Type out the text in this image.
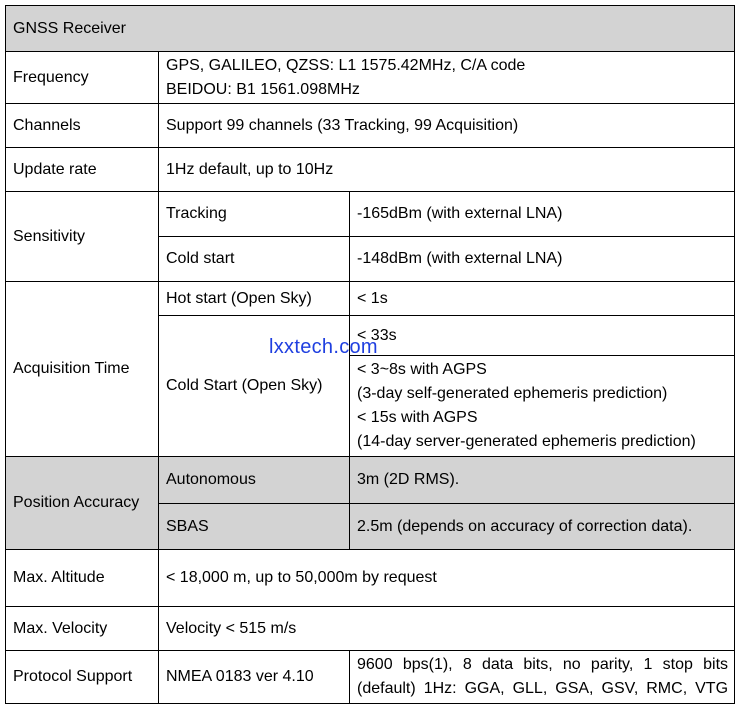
GNSS Receiver		
Frequency	GPS, GALILEO, QZSS: L1 1575.42MHz, C/A code
BEIDOU: B1 1561.098MHz	

Channels	Support 99 channels (33 Tracking, 99 Acquisition)	
Update rate	1Hz default, up to 10Hz	
Sensitivity	Tracking	-165dBm (with external LNA)
	Cold start	-148dBm (with external LNA)
Acquisition Time	Hot start (Open Sky)	< 1s
	Cold Start (Open Sky)	< 33s

		< 3~8s with AGPS
(3-day self-generated ephemeris prediction)
< 15s with AGPS
(14-day server-generated ephemeris prediction)

Position Accuracy	Autonomous	3m (2D RMS).
	SBAS	2.5m (depends on accuracy of correction data).
Max. Altitude	< 18,000 m, up to 50,000m by request	
Max. Velocity	Velocity < 515 m/s	
Protocol Support	NMEA 0183 ver 4.10	9600 bps(1), 8 data bits, no parity, 1 stop bits
(default) 1Hz: GGA, GLL, GSA, GSV, RMC, VTG
lxxtech.com
